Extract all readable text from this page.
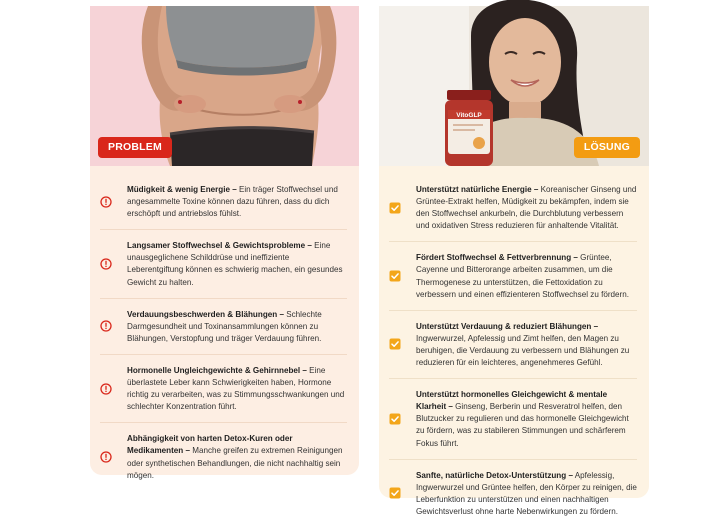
PROBLEM
Müdigkeit & wenig Energie – Ein träger Stoffwechsel und angesammelte Toxine können dazu führen, dass du dich erschöpft und antriebslos fühlst.
Langsamer Stoffwechsel & Gewichtsprobleme – Eine unausgeglichene Schilddrüse und ineffiziente Leberentgiftung können es schwierig machen, ein gesundes Gewicht zu halten.
Verdauungsbeschwerden & Blähungen – Schlechte Darmgesundheit und Toxinansammlungen können zu Blähungen, Verstopfung und träger Verdauung führen.
Hormonelle Ungleichgewichte & Gehirnnebel – Eine überlastete Leber kann Schwierigkeiten haben, Hormone richtig zu verarbeiten, was zu Stimmungsschwankungen und schlechter Konzentration führt.
Abhängigkeit von harten Detox-Kuren oder Medikamenten – Manche greifen zu extremen Reinigungen oder synthetischen Behandlungen, die nicht nachhaltig sein mögen.
VitoGLP
LÖSUNG
Unterstützt natürliche Energie – Koreanischer Ginseng und Grüntee-Extrakt helfen, Müdigkeit zu bekämpfen, indem sie den Stoffwechsel ankurbeln, die Durchblutung verbessern und oxidativen Stress reduzieren für anhaltende Vitalität.
Fördert Stoffwechsel & Fettverbrennung – Grüntee, Cayenne und Bitterorange arbeiten zusammen, um die Thermogenese zu unterstützen, die Fettoxidation zu verbessern und einen effizienteren Stoffwechsel zu fördern.
Unterstützt Verdauung & reduziert Blähungen – Ingwerwurzel, Apfelessig und Zimt helfen, den Magen zu beruhigen, die Verdauung zu verbessern und Blähungen zu reduzieren für ein leichteres, angenehmeres Gefühl.
Unterstützt hormonelles Gleichgewicht & mentale Klarheit – Ginseng, Berberin und Resveratrol helfen, den Blutzucker zu regulieren und das hormonelle Gleichgewicht zu fördern, was zu stabileren Stimmungen und schärferem Fokus führt.
Sanfte, natürliche Detox-Unterstützung – Apfelessig, Ingwerwurzel und Grüntee helfen, den Körper zu reinigen, die Leberfunktion zu unterstützen und einen nachhaltigen Gewichtsverlust ohne harte Nebenwirkungen zu fördern.
